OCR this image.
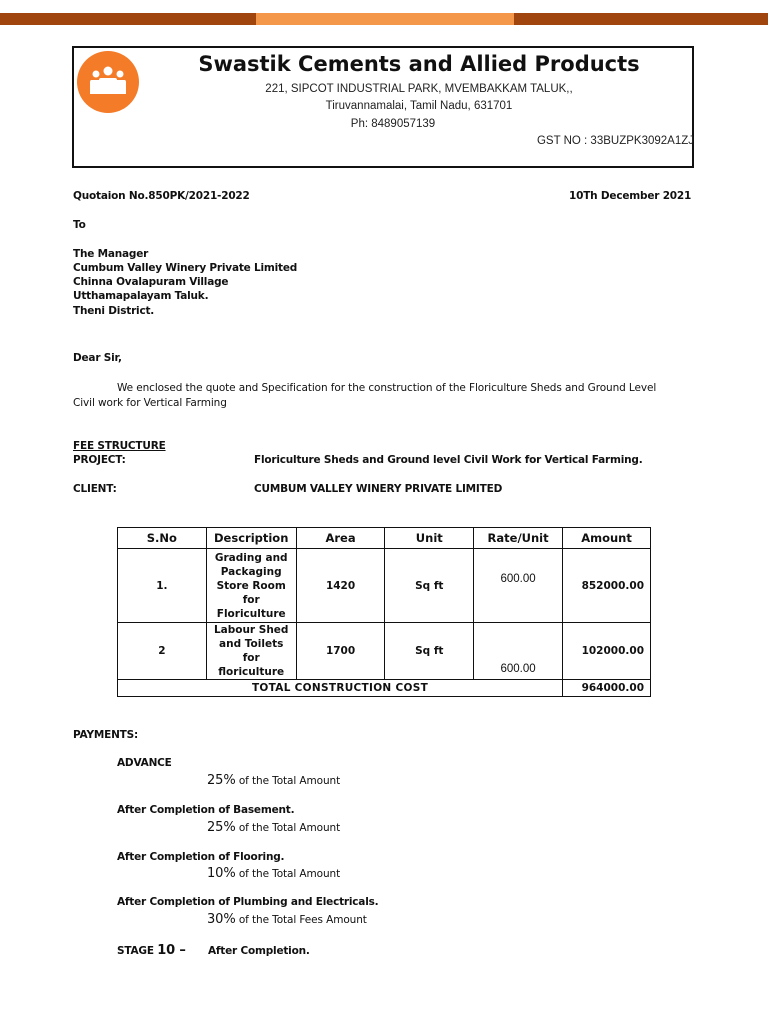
Swastik Cements and Allied Products
221, SIPCOT INDUSTRIAL PARK, MVEMBAKKAM TALUK,,
Tiruvannamalai, Tamil Nadu, 631701
Ph: 8489057139
GST NO : 33BUZPK3092A1ZJ
Quotaion No.850PK/2021-2022	10Th December 2021
To
The Manager
Cumbum Valley Winery Private Limited
Chinna Ovalapuram Village
Utthamapalayam Taluk.
Theni District.
Dear Sir,
We enclosed the quote and Specification for the construction of the Floriculture Sheds and Ground Level
Civil work for Vertical Farming
FEE STRUCTURE
PROJECT:	Floriculture Sheds and Ground level Civil Work for Vertical Farming.
CLIENT:	CUMBUM VALLEY WINERY PRIVATE LIMITED
S.No	Description	Area	Unit	Rate/Unit	Amount
1.	Grading and
Packaging
Store Room
for
Floriculture	1420	Sq ft	600.00	852000.00
2	Labour Shed
and Toilets for
floriculture	1700	Sq ft	600.00	102000.00
TOTAL CONSTRUCTION COST					964000.00
PAYMENTS:
ADVANCE
25% of the Total Amount
After Completion of Basement.
25% of the Total Amount
After Completion of Flooring.
10% of the Total Amount
After Completion of Plumbing and Electricals.
30% of the Total Fees Amount
STAGE 10 – After Completion.
